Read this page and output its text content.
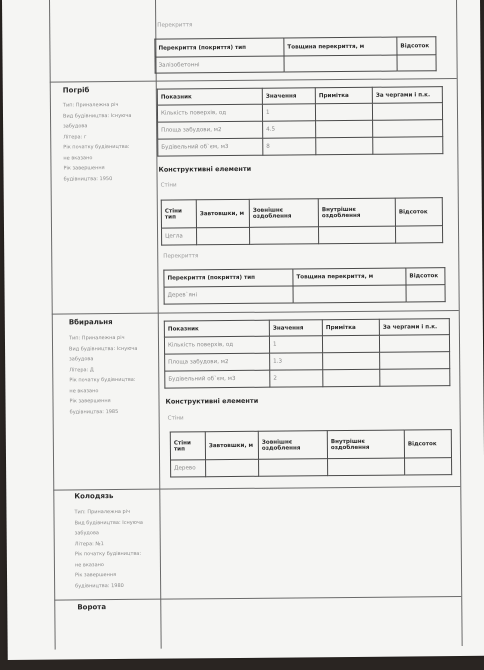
Перекриття
Перекриття (покриття) тип	Товщина перекриття, м	Відсоток
Залізобетонні		
Погріб
Тип: Приналежна річ
Вид будівництва: Існуюча
забудова
Літера: г
Рік початку будівництва:
не вказано
Рік завершення
будівництва: 1950
Показник	Значення	Примітка	За чергами і п.к.
Кількість поверхів, од	1		
Площа забудови, м2	4.5		
Будівельний об`єм, м3	8		
Конструктивні елементи
Стіни
Стіни тип	Завтовшки, м	Зовнішнє оздоблення	Внутрішнє оздоблення	Відсоток
Цегла				
Перекриття
Перекриття (покриття) тип	Товщина перекриття, м	Відсоток
Дерев`яні		
Вбиральня
Тип: Приналежна річ
Вид будівництва: Існуюча
забудова
Літера: Д
Рік початку будівництва:
не вказано
Рік завершення
будівництва: 1985
Показник	Значення	Примітка	За чергами і п.к.
Кількість поверхів, од	1		
Площа забудови, м2	1.3		
Будівельний об`єм, м3	2		
Конструктивні елементи
Стіни
Стіни тип	Завтовшки, м	Зовнішнє оздоблення	Внутрішнє оздоблення	Відсоток
Дерево				
Колодязь
Тип: Приналежна річ
Вид будівництва: Існуюча
забудова
Літера: №1
Рік початку будівництва:
не вказано
Рік завершення
будівництва: 1980
Ворота
